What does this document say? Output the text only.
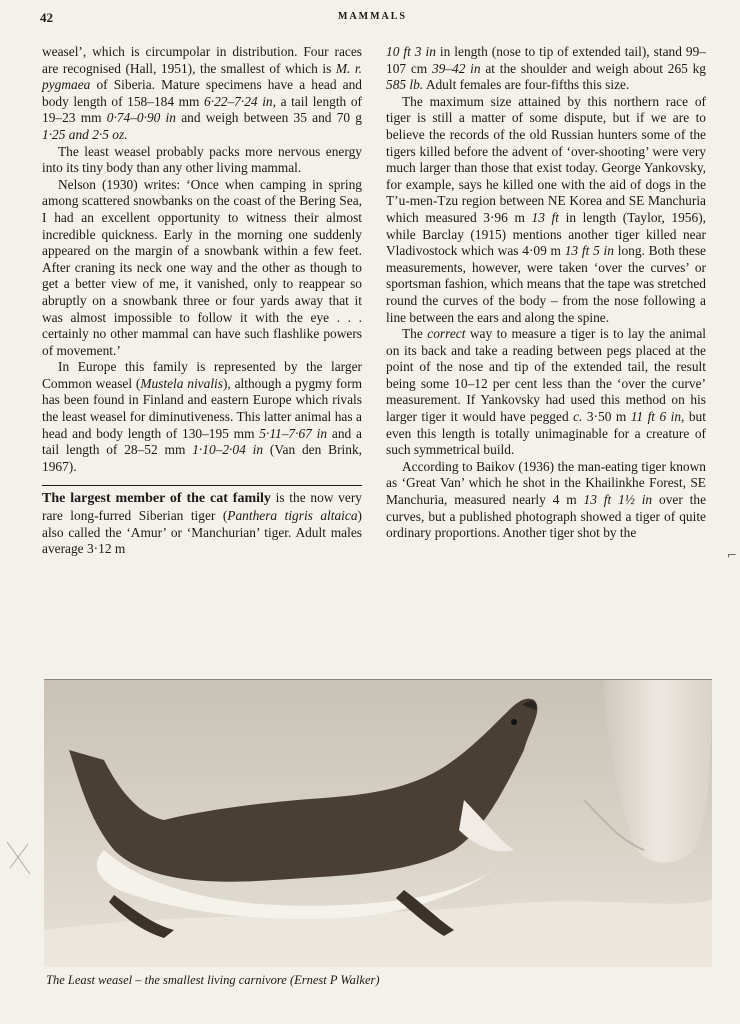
42	MAMMALS

weasel’, which is circumpolar in distribution. Four races are recognised (Hall, 1951), the smallest of which is M. r. pygmaea of Siberia. Mature specimens have a head and body length of 158–184 mm 6·22–7·24 in, a tail length of 19–23 mm 0·74–0·90 in and weigh between 35 and 70 g 1·25 and 2·5 oz.

The least weasel probably packs more nervous energy into its tiny body than any other living mammal.

Nelson (1930) writes: ‘Once when camping in spring among scattered snowbanks on the coast of the Bering Sea, I had an excellent opportunity to witness their almost incredible quickness. Early in the morning one suddenly appeared on the margin of a snowbank within a few feet. After craning its neck one way and the other as though to get a better view of me, it vanished, only to reappear so abruptly on a snowbank three or four yards away that it was almost impossible to follow it with the eye . . . certainly no other mammal can have such flashlike powers of movement.’

In Europe this family is represented by the larger Common weasel (Mustela nivalis), although a pygmy form has been found in Finland and eastern Europe which rivals the least weasel for diminutiveness. This latter animal has a head and body length of 130–195 mm 5·11–7·67 in and a tail length of 28–52 mm 1·10–2·04 in (Van den Brink, 1967).

The largest member of the cat family is the now very rare long-furred Siberian tiger (Panthera tigris altaica) also called the ‘Amur’ or ‘Manchurian’ tiger. Adult males average 3·12 m

10 ft 3 in in length (nose to tip of extended tail), stand 99–107 cm 39–42 in at the shoulder and weigh about 265 kg 585 lb. Adult females are four-fifths this size.

The maximum size attained by this northern race of tiger is still a matter of some dispute, but if we are to believe the records of the old Russian hunters some of the tigers killed before the advent of ‘over-shooting’ were very much larger than those that exist today. George Yankovsky, for example, says he killed one with the aid of dogs in the T’u-men-Tzu region between NE Korea and SE Manchuria which measured 3·96 m 13 ft in length (Taylor, 1956), while Barclay (1915) mentions another tiger killed near Vladivostock which was 4·09 m 13 ft 5 in long. Both these measurements, however, were taken ‘over the curves’ or sportsman fashion, which means that the tape was stretched round the curves of the body – from the nose following a line between the ears and along the spine.

The correct way to measure a tiger is to lay the animal on its back and take a reading between pegs placed at the point of the nose and tip of the extended tail, the result being some 10–12 per cent less than the ‘over the curve’ measurement. If Yankovsky had used this method on his larger tiger it would have pegged c. 3·50 m 11 ft 6 in, but even this length is totally unimaginable for a creature of such symmetrical build.

According to Baikov (1936) the man-eating tiger known as ‘Great Van’ which he shot in the Khailinkhe Forest, SE Manchuria, measured nearly 4 m 13 ft 1½ in over the curves, but a published photograph showed a tiger of quite ordinary proportions. Another tiger shot by the

⌐
The Least weasel – the smallest living carnivore (Ernest P Walker)
